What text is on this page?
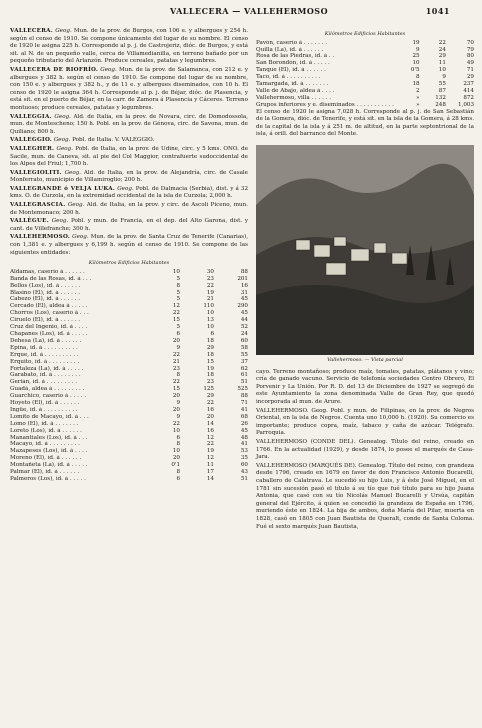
VALLECERA — VALLEHERMOSO	1041
VALLECERA. Geog. Mun. de la prov. de Burgos, con 106 e. y albergues y 254 h. según el censo de 1910. Se compone únicamente del lugar de su nombre. El censo de 1920 le asigna 225 h. Corresponde al p. j. de Castrojeriz, dióc. de Burgos, y está sit. al N. de un pequeño valle, cerca de Villamedianilla, en terreno bañado por un pequeño tributario del Arlanzón. Produce cereales, patatas y legumbres.
VALLECERA DE RIOFRÍO. Geog. Mun. de la prov. de Salamanca, con 212 e. y albergues y 382 h. según el censo de 1910. Se compone del lugar de su nombre, con 150 e. y albergues y 382 h., y de 11 e. y albergues diseminados, con 10 h. El censo de 1920 le asigna 364 h. Corresponde al p. j. de Béjar, dióc. de Plasencia, y está sit. en el puerto de Béjar, en la carr. de Zamora á Plasencia y Cáceres. Terreno montuoso; produce cereales, patatas y legumbres.
VALLEGGIA. Geog. Ald. de Italia, en la prov. de Novara, circ. de Domodossola, mun. de Montescheno; 150 h. Pobl. en la prov. de Génova, circ. de Savona, mun. de Quiliano; 800 h.
VALLEGGIO. Geog. Pobl. de Italia. V. VALEGGIO.
VALLEGHER. Geog. Pobl. de Italia, en la prov. de Udine, circ. y 5 kms. ONO. de Sacile, mun. de Caneva, sit. al pie del Col Maggior, contrafuerte sudoccidental de los Alpes del Friul; 1,700 h.
VALLEGIOLITI. Geog. Ald. de Italia, en la prov. de Alejandría, circ. de Casale Monferrato, municipio de Villamiroglio; 200 h.
VALLEGRANDE ó VELJA LUKA. Geog. Pobl. de Dalmacia (Serbia), dist. y á 32 kms. O. de Curzola, en la extremidad occidental de la isla de Curzola; 2,000 h.
VALLEGRASCIA. Geog. Ald. de Italia, en la prov. y circ. de Ascoli Piceno, mun. de Montemonaco; 200 h.
VALLÈGUE. Geog. Pobl. y mun. de Francia, en el dep. del Alto Garona, dist. y cant. de Villefranche; 300 h.
VALLEHERMOSO. Geog. Mun. de la prov. de Santa Cruz de Tenerife (Canarias), con 1,381 e. y albergues y 6,199 h. según el censo de 1910. Se compone de las siguientes entidades:
Kilómetros Edificios Habitantes
Aldamas, caserío á . . . . . .	10	30	88
Banda de las Rosas, íd. á . . .	5	23	201
Bellos (Los), íd. á . . . . . .	8	22	16
Blasino (El), íd. á . . . . . .	5	19	31
Cabezo (El), íd. á . . . . . .	5	21	45
Cercado (El), aldea á . . . . .	12	110	290
Chorros (Los), caserío á . . .	22	10	45
Ciruelo (El), íd. á . . . . . .	15	13	44
Cruz del Ingenio, íd. á . . . .	5	10	52
Chapanes (Los), íd. á . . . . .	6	6	24
Dehesa (La), íd. á . . . . . .	20	18	60
Epina, íd. á . . . . . . . . . .	9	29	58
Erque, íd. á . . . . . . . . . .	22	18	55
Erquito, íd. á . . . . . . . . .	21	15	37
Fortaleza (La), íd. á . . . . .	23	19	62
Garabato, íd. á . . . . . . . .	8	18	61
Gerián, íd. á . . . . . . . . .	22	23	51
Guadá, aldea á . . . . . . . . .	15	125	525
Guarchico, caserío á . . . . .	20	29	88
Hoyeto (El), íd. á . . . . . .	9	22	71
Ingüe, íd. á . . . . . . . . . .	20	16	41
Lomito de Macayo, íd. á . . .	9	20	68
Lomo (El), íd. á . . . . . . .	22	14	26
Loreto (Los), íd. á . . . . . .	10	16	45
Manantiales (Los), íd. á . . .	6	12	48
Macayo, íd. á . . . . . . . . .	8	22	41
Mazapeses (Los), íd. á . . . .	10	19	53
Moreno (El), íd. á . . . . . .	20	12	35
Montañeta (La), íd. á . . . . .	0'1	11	60
Palmar (El), íd. á . . . . . .	8	17	43
Palmeros (Los), íd. á . . . . .	6	14	51
Kilómetros Edificios Habitantes
Pavón, caserío á . . . . . . .	19	22	70
Quilla (La), íd. á . . . . . .	9	24	79
Rosa de las Piedras, íd. á . .	25	29	80
San Borondón, íd. á . . . . .	10	11	49
Tanque (El), íd. á . . . . . .	0'5	10	71
Taco, íd. á . . . . . . . . . .	8	9	29
Tamargada, íd. á . . . . . . .	18	55	237
Valle de Abajo, aldea á . . . .	2	87	414
Vallehermoso, villa . . . . . .	»	132	872
Grupos inferiores y e. diseminados . . . . . . . . . . .	»	248	1,003
El censo de 1920 le asigna 7,028 h. Corresponde al p. j. de San Sebastián de la Gomera, dióc. de Tenerife, y está sit. en la isla de la Gomera, á 28 kms. de la capital de la isla y á 251 m. de altitud, en la parte septentrional de la isla, á orill. del barranco del Monte.
Vallehermoso. — Vista parcial
cayo. Terreno montañoso; produce maíz, tomates, patatas, plátanos y vino; cría de ganado vacuno. Servicio de telefonía sociedades Centro Obrero, El Porvenir y La Unión. Por R. D. del 13 de Diciembre de 1927 se segregó de este Ayuntamiento la zona denominada Valle de Gran Rey, que quedó incorporada al mun. de Arure.
VALLEHERMOSO. Geog. Pobl. y mun. de Filipinas, en la prov. de Negros Oriental, en la isla de Negros. Cuenta uno 10,000 h. (1920). Su comercio es importante; produce copra, maíz, tabaco y caña de azúcar. Telégrafo. Parroquia.
VALLEHERMOSO (CONDE DEL). Genealog. Título del reino, creado en 1766. En la actualidad (1929), y desde 1874, lo posee el marqués de Casa-Jara.
VALLEHERMOSO (MARQUÉS DE). Genealog. Título del reino, con grandeza desde 1796, creado en 1679 en favor de don Francisco Antonio Bucarelli, caballero de Calatrava. Le sucedió su hijo Luis, y á éste José Miguel, en el 1781 sin sucesión pasó el título á su tío que fué título para su hijo Juana Antonia, que casó con su tío Nicolás Manuel Bucarelli y Ursúa, capitán general del Ejército, á quien se concedió la grandeza de España en 1796, muriendo éste en 1824. La hija de ambos, doña María del Pilar, muerta en 1828, casó en 1805 con Juan Bautista de Queralt, conde de Santa Coloma. Fué el sexto marqués Juan Bautista,
